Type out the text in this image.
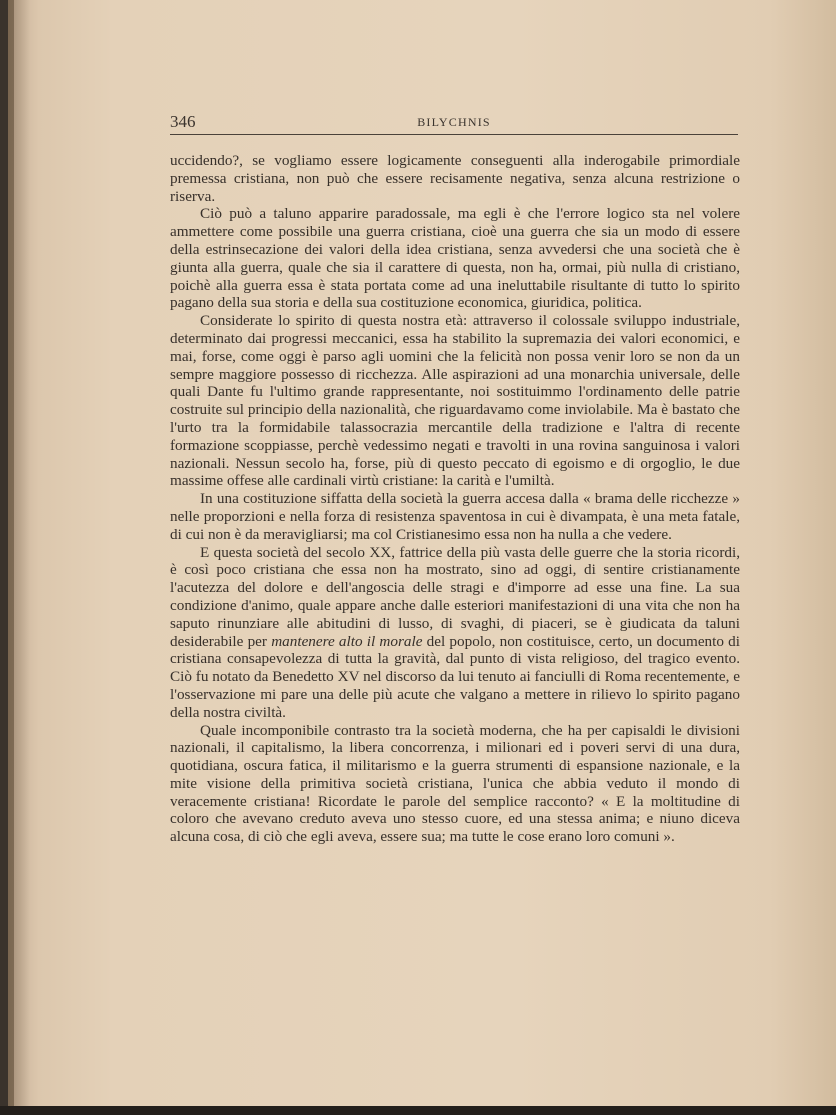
346	BILYCHNIS

uccidendo?, se vogliamo essere logicamente conseguenti alla inderogabile primordiale premessa cristiana, non può che essere recisamente negativa, senza alcuna restrizione o riserva.

Ciò può a taluno apparire paradossale, ma egli è che l'errore logico sta nel volere ammettere come possibile una guerra cristiana, cioè una guerra che sia un modo di essere della estrinsecazione dei valori della idea cristiana, senza avvedersi che una società che è giunta alla guerra, quale che sia il carattere di questa, non ha, ormai, più nulla di cristiano, poichè alla guerra essa è stata portata come ad una ineluttabile risultante di tutto lo spirito pagano della sua storia e della sua costituzione economica, giuridica, politica.

Considerate lo spirito di questa nostra età: attraverso il colossale sviluppo industriale, determinato dai progressi meccanici, essa ha stabilito la supremazia dei valori economici, e mai, forse, come oggi è parso agli uomini che la felicità non possa venir loro se non da un sempre maggiore possesso di ricchezza. Alle aspirazioni ad una monarchia universale, delle quali Dante fu l'ultimo grande rappresentante, noi sostituimmo l'ordinamento delle patrie costruite sul principio della nazionalità, che riguardavamo come inviolabile. Ma è bastato che l'urto tra la formidabile talassocrazia mercantile della tradizione e l'altra di recente formazione scoppiasse, perchè vedessimo negati e travolti in una rovina sanguinosa i valori nazionali. Nessun secolo ha, forse, più di questo peccato di egoismo e di orgoglio, le due massime offese alle cardinali virtù cristiane: la carità e l'umiltà.

In una costituzione siffatta della società la guerra accesa dalla « brama delle ricchezze » nelle proporzioni e nella forza di resistenza spaventosa in cui è divampata, è una meta fatale, di cui non è da meravigliarsi; ma col Cristianesimo essa non ha nulla a che vedere.

E questa società del secolo XX, fattrice della più vasta delle guerre che la storia ricordi, è così poco cristiana che essa non ha mostrato, sino ad oggi, di sentire cristianamente l'acutezza del dolore e dell'angoscia delle stragi e d'imporre ad esse una fine. La sua condizione d'animo, quale appare anche dalle esteriori manifestazioni di una vita che non ha saputo rinunziare alle abitudini di lusso, di svaghi, di piaceri, se è giudicata da taluni desiderabile per mantenere alto il morale del popolo, non costituisce, certo, un documento di cristiana consapevolezza di tutta la gravità, dal punto di vista religioso, del tragico evento. Ciò fu notato da Benedetto XV nel discorso da lui tenuto ai fanciulli di Roma recentemente, e l'osservazione mi pare una delle più acute che valgano a mettere in rilievo lo spirito pagano della nostra civiltà.

Quale incomponibile contrasto tra la società moderna, che ha per capisaldi le divisioni nazionali, il capitalismo, la libera concorrenza, i milionari ed i poveri servi di una dura, quotidiana, oscura fatica, il militarismo e la guerra strumenti di espansione nazionale, e la mite visione della primitiva società cristiana, l'unica che abbia veduto il mondo di veracemente cristiana! Ricordate le parole del semplice racconto? « E la moltitudine di coloro che avevano creduto aveva uno stesso cuore, ed una stessa anima; e niuno diceva alcuna cosa, di ciò che egli aveva, essere sua; ma tutte le cose erano loro comuni ».
